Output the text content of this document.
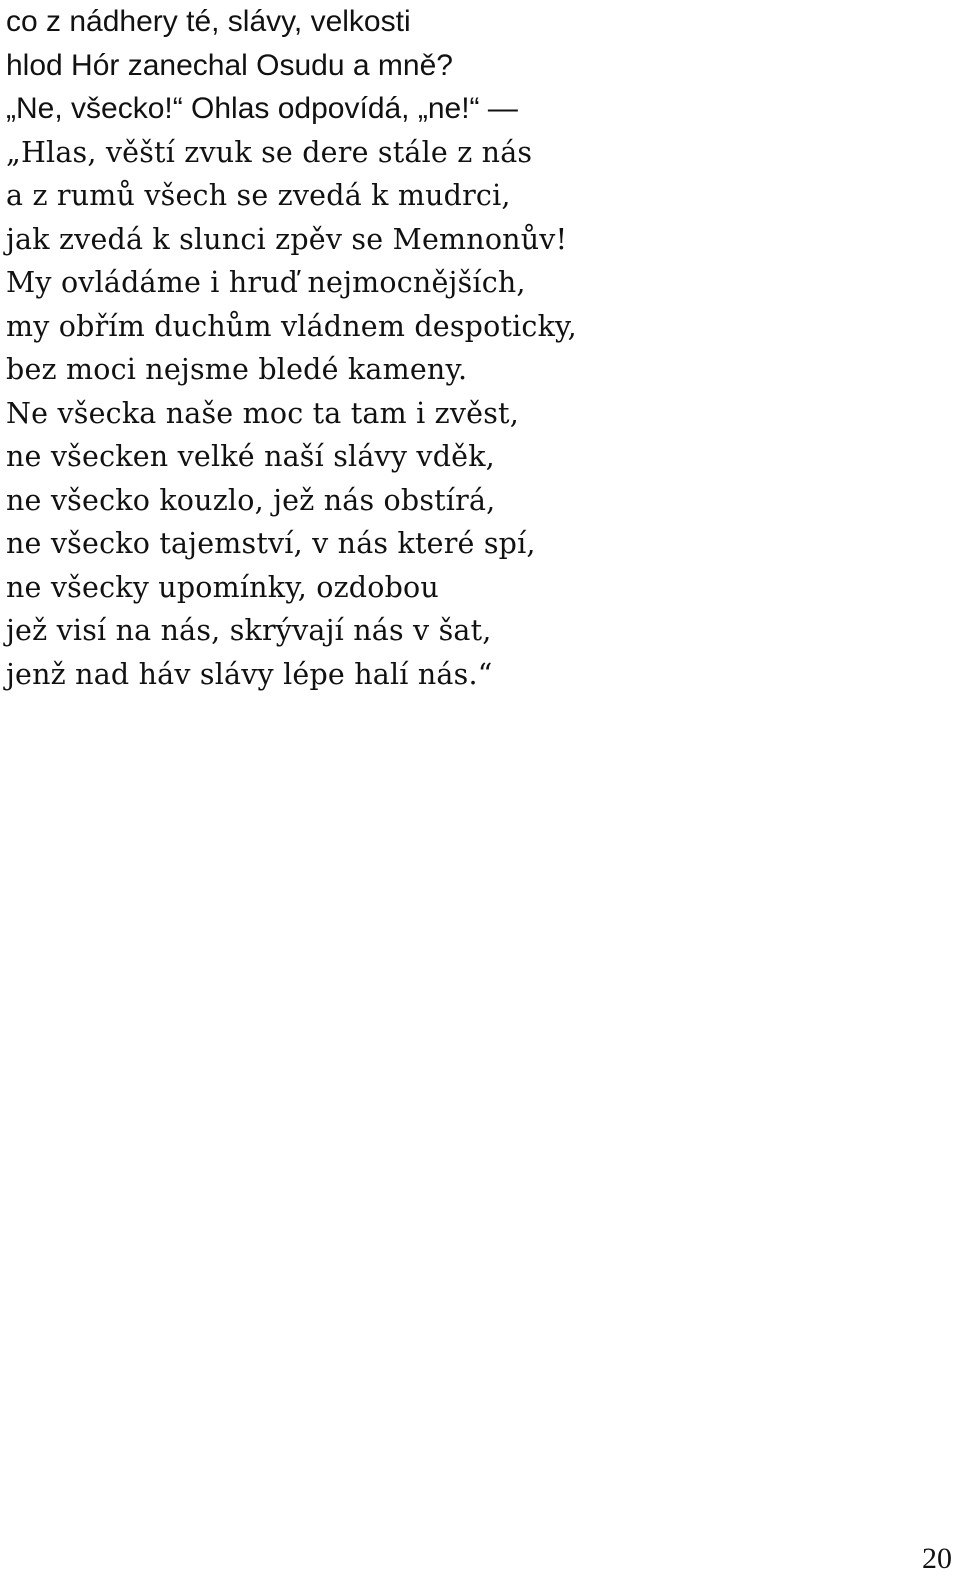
co z nádhery té, slávy, velkosti
hlod Hór zanechal Osudu a mně?
„Ne, všecko!“ Ohlas odpovídá, „ne!“ —
„Hlas, věští zvuk se dere stále z nás
a z rumů všech se zvedá k mudrci,
jak zvedá k slunci zpěv se Memnonův!
My ovládáme i hruď nejmocnějších,
my obřím duchům vládnem despoticky,
bez moci nejsme bledé kameny.
Ne všecka naše moc ta tam i zvěst,
ne všecken velké naší slávy vděk,
ne všecko kouzlo, jež nás obstírá,
ne všecko tajemství, v nás které spí,
ne všecky upomínky, ozdobou
jež visí na nás, skrývají nás v šat,
jenž nad háv slávy lépe halí nás.“
20
